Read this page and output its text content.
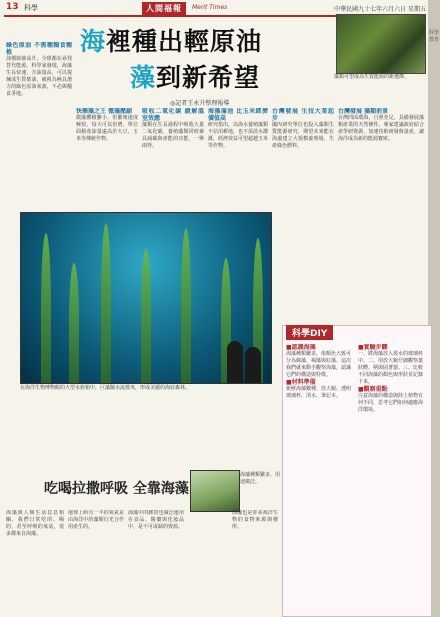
科學教育
13 科學	人間福報	Merit Times	中華民國九十七年六月六日 星期五
海裡種出輕原油
藻到新希望
◎記者王永升整理報導
藻類可望成為生質能源的新選擇。
綠色原油 不需種糧食種植
油價節節高升，全球都在尋找替代能源。科學家發現，海藻生長快速、含油量高，可以提煉成生質柴油，被視為極具潛力的綠色原油來源，不必與糧食爭地。
快樂藻之王 微藻壓縮
微藻體積雖小，但繁殖速度極快，每天可以倍增，單位面積產油量遠高於大豆、玉米等傳統作物。
吸收二氧化碳 緩解溫室效應
藻類在生長過程中吸收大量二氧化碳，養殖藻類同時兼具減碳與產能的功能，一舉兩得。
海藻滿池 比玉米經濟價值高
研究指出，以海水養殖藻類不佔用耕地，也不需淡水灌溉，經濟效益可望超越玉米等作物。
台灣發展 生技大業起步
國內研究單位也投入藻類生質能源研究，期望未來能在海邊建立大規模養殖場，生產綠色燃料。
台灣發展 藻類前景
台灣四面環海，日照充足，具備發展藻類產業的天然條件。專家建議政府結合產學研資源，加速技術研發與量產，讓海洋成為新的能源寶庫。
在海洋生物博物館的大型水族箱中，巨藻隨水流搖曳，形成美麗的海底森林。
吃喝拉撒呼吸 全靠海藻
海藻與人類生活息息相關，我們日常吃的、喝的，甚至呼吸的氧氣，很多都來自海藻。
地球上約有一半的氧氣是由海洋中的藻類行光合作用產生的。
海藻中的膠質也廣泛運用在食品、醫藥與化妝品中，是不可或缺的資源。
海藻種類繁多，用途廣泛。
海藻也是許多海洋生物的食物來源與棲所。
科學DIY
■認識海藻
海藻種類繁多，依顏色大致可分為綠藻、褐藻與紅藻。這次我們就來動手觀察海藻，認識它們的構造與特徵。
■材料準備
新鮮海藻數種、放大鏡、透明玻璃杯、清水、筆記本。
■實驗步驟
一、將海藻放入裝水的玻璃杯中。二、用放大鏡仔細觀察葉狀體、柄與固著器。三、比較不同海藻的顏色與形狀並記錄下來。
■觀察重點
注意海藻的構造與陸上植物有何不同，思考它們如何適應海洋環境。
